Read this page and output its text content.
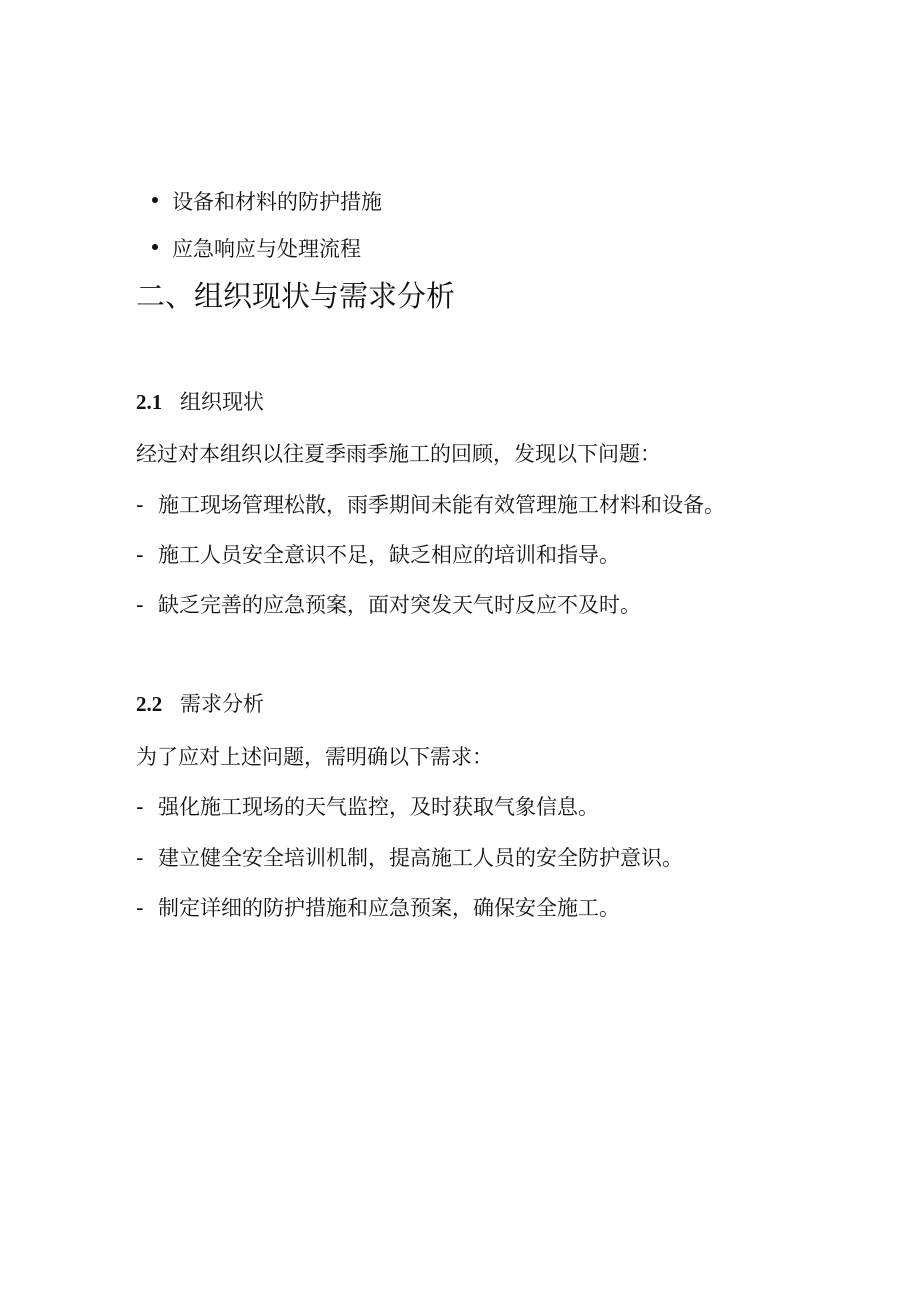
设备和材料的防护措施
应急响应与处理流程
二、组织现状与需求分析
2.1 组织现状

经过对本组织以往夏季雨季施工的回顾，发现以下问题：

- 施工现场管理松散，雨季期间未能有效管理施工材料和设备。

- 施工人员安全意识不足，缺乏相应的培训和指导。

- 缺乏完善的应急预案，面对突发天气时反应不及时。

2.2 需求分析

为了应对上述问题，需明确以下需求：

- 强化施工现场的天气监控，及时获取气象信息。

- 建立健全安全培训机制，提高施工人员的安全防护意识。

- 制定详细的防护措施和应急预案，确保安全施工。
